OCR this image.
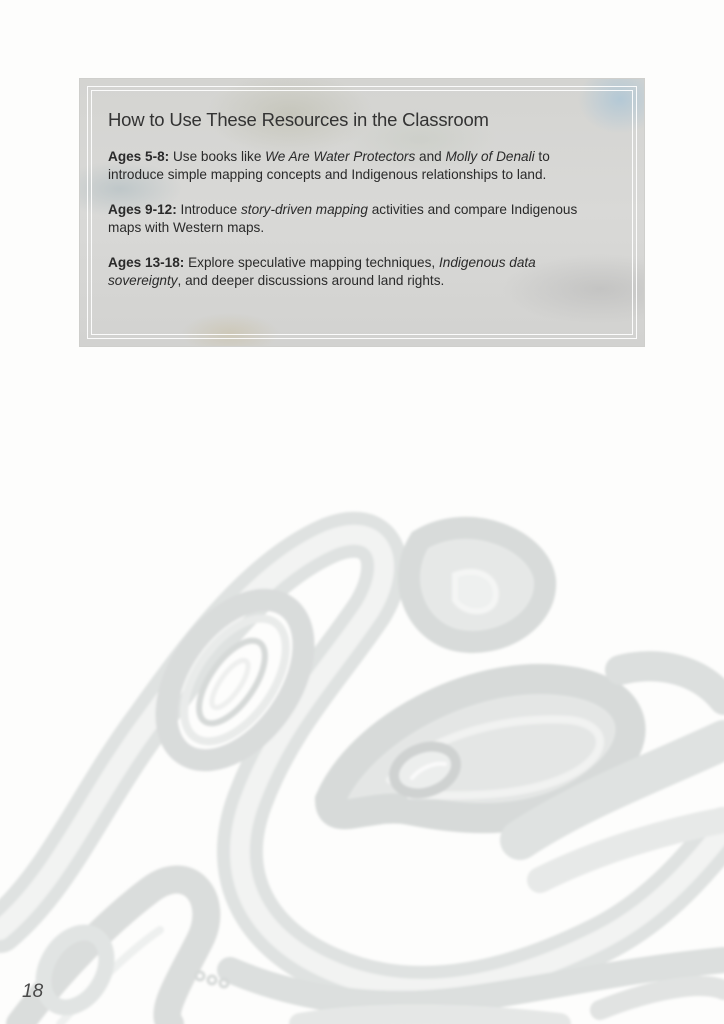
How to Use These Resources in the Classroom

Ages 5-8: Use books like We Are Water Protectors and Molly of Denali to introduce simple mapping concepts and Indigenous relationships to land.

Ages 9-12: Introduce story-driven mapping activities and compare Indigenous maps with Western maps.

Ages 13-18: Explore speculative mapping techniques, Indigenous data sovereignty, and deeper discussions around land rights.

18
